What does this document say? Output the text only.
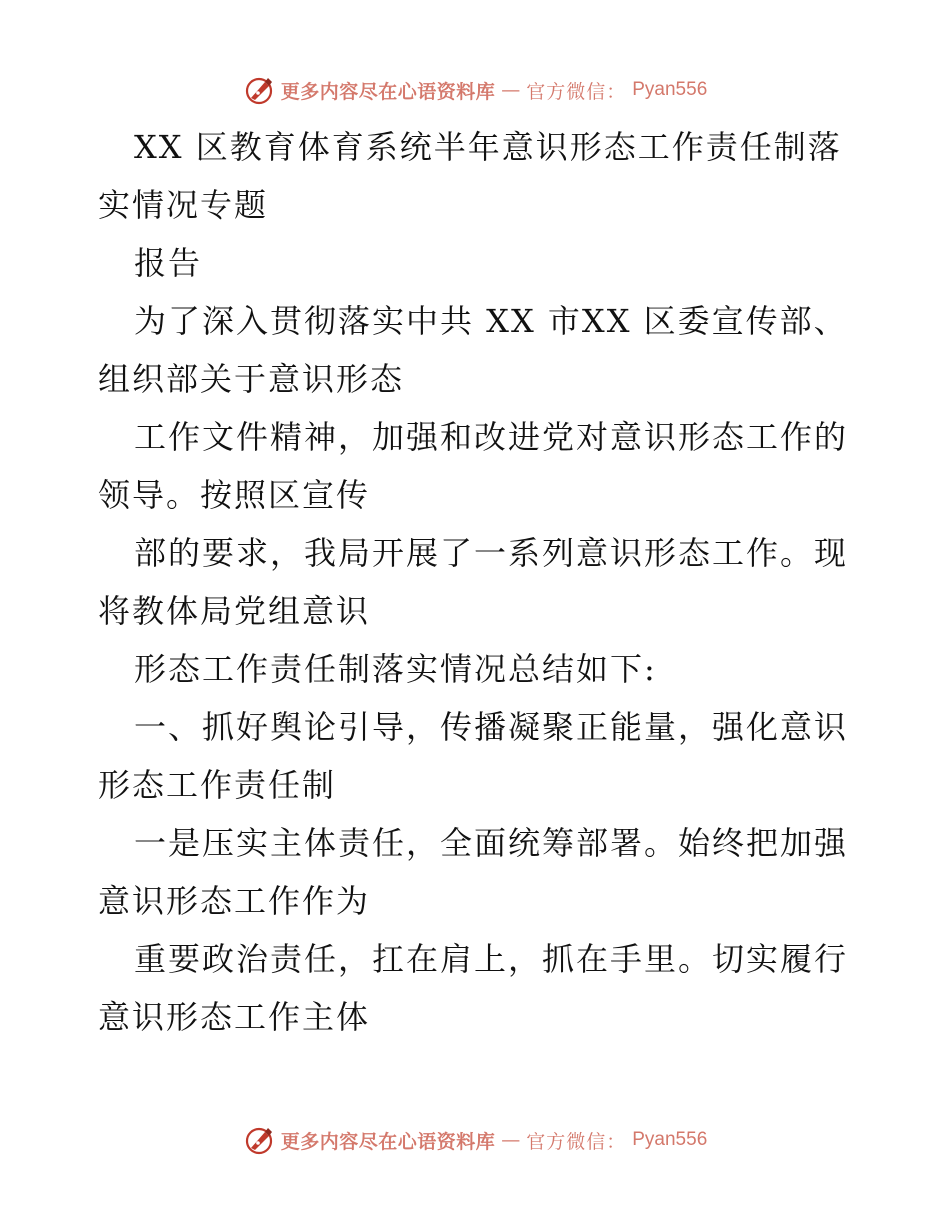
更多内容尽在心语资料库 — 官方微信： Pyan556
XX 区教育体育系统半年意识形态工作责任制落
实情况专题
报告
为了深入贯彻落实中共 XX 市XX 区委宣传部、
组织部关于意识形态
工作文件精神，加强和改进党对意识形态工作的
领导。按照区宣传
部的要求，我局开展了一系列意识形态工作。现
将教体局党组意识
形态工作责任制落实情况总结如下:
一、抓好舆论引导，传播凝聚正能量，强化意识
形态工作责任制
一是压实主体责任，全面统筹部署。始终把加强
意识形态工作作为
重要政治责任，扛在肩上，抓在手里。切实履行
意识形态工作主体
更多内容尽在心语资料库 — 官方微信： Pyan556
